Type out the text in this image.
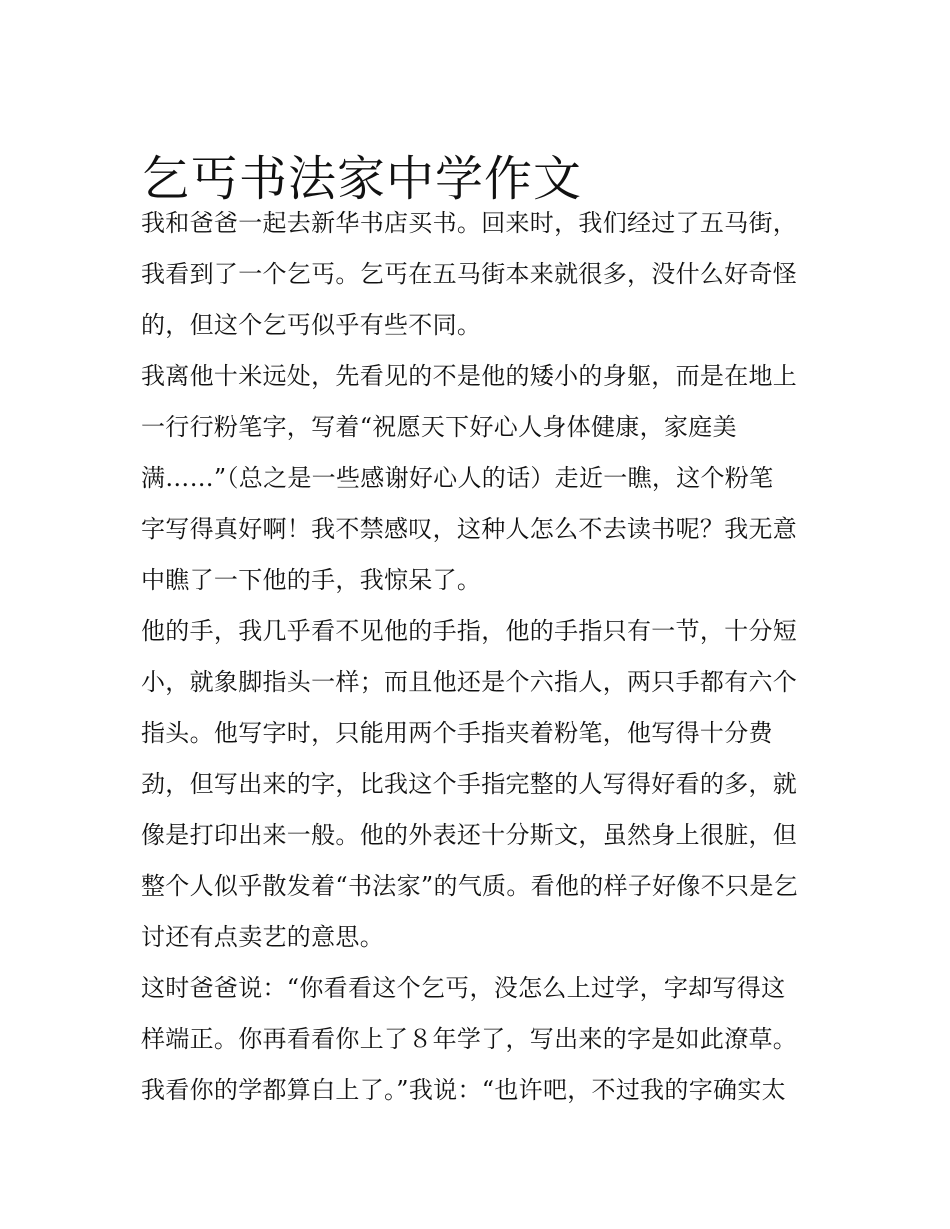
乞丐书法家中学作文
我和爸爸一起去新华书店买书。回来时，我们经过了五马街，
我看到了一个乞丐。乞丐在五马街本来就很多，没什么好奇怪
的，但这个乞丐似乎有些不同。
我离他十米远处，先看见的不是他的矮小的身躯，而是在地上
一行行粉笔字，写着“祝愿天下好心人身体健康，家庭美
满……”（总之是一些感谢好心人的话）走近一瞧，这个粉笔
字写得真好啊！我不禁感叹，这种人怎么不去读书呢？我无意
中瞧了一下他的手，我惊呆了。
他的手，我几乎看不见他的手指，他的手指只有一节，十分短
小，就象脚指头一样；而且他还是个六指人，两只手都有六个
指头。他写字时，只能用两个手指夹着粉笔，他写得十分费
劲，但写出来的字，比我这个手指完整的人写得好看的多，就
像是打印出来一般。他的外表还十分斯文，虽然身上很脏，但
整个人似乎散发着“书法家”的气质。看他的样子好像不只是乞
讨还有点卖艺的意思。
这时爸爸说：“你看看这个乞丐，没怎么上过学，字却写得这
样端正。你再看看你上了８年学了，写出来的字是如此潦草。
我看你的学都算白上了。”我说：“也许吧，不过我的字确实太
